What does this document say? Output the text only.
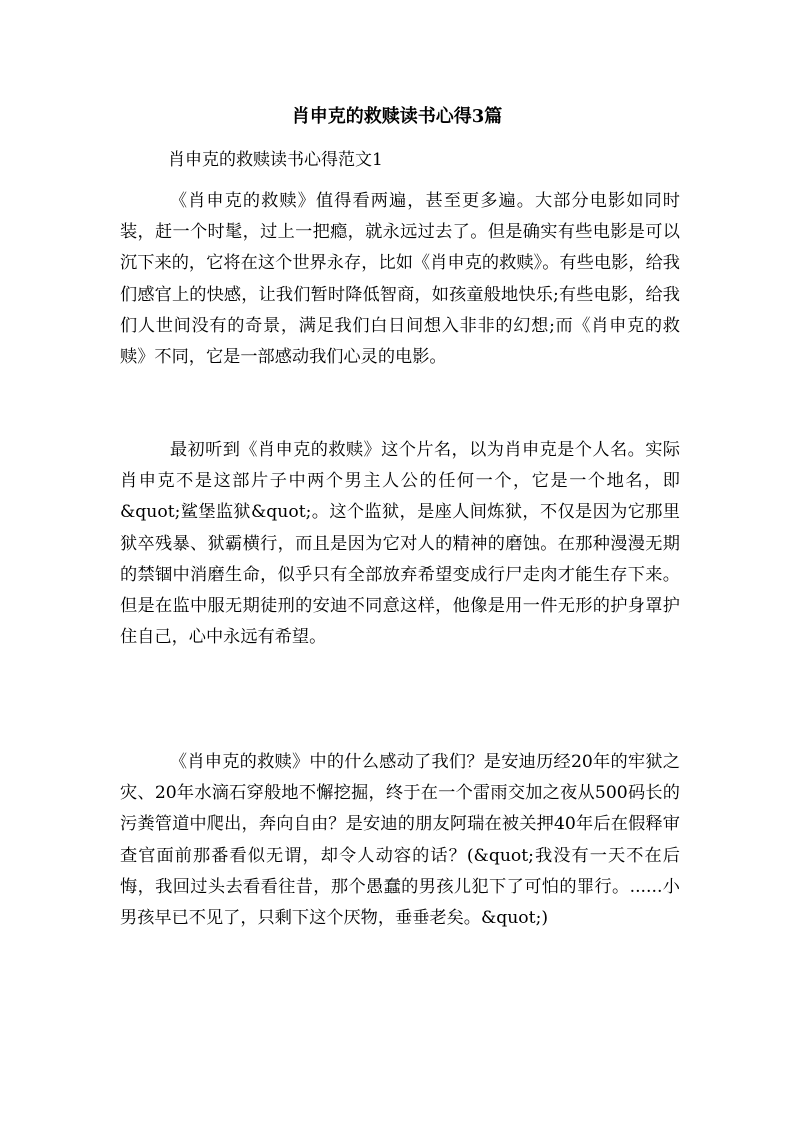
肖申克的救赎读书心得3篇

肖申克的救赎读书心得范文1

《肖申克的救赎》值得看两遍，甚至更多遍。大部分电影如同时装，赶一个时髦，过上一把瘾，就永远过去了。但是确实有些电影是可以沉下来的，它将在这个世界永存，比如《肖申克的救赎》。有些电影，给我们感官上的快感，让我们暂时降低智商，如孩童般地快乐;有些电影，给我们人世间没有的奇景，满足我们白日间想入非非的幻想;而《肖申克的救赎》不同，它是一部感动我们心灵的电影。

最初听到《肖申克的救赎》这个片名，以为肖申克是个人名。实际肖申克不是这部片子中两个男主人公的任何一个，它是一个地名，即&quot;鲨堡监狱&quot;。这个监狱，是座人间炼狱，不仅是因为它那里狱卒残暴、狱霸横行，而且是因为它对人的精神的磨蚀。在那种漫漫无期的禁锢中消磨生命，似乎只有全部放弃希望变成行尸走肉才能生存下来。但是在监中服无期徒刑的安迪不同意这样，他像是用一件无形的护身罩护住自己，心中永远有希望。

《肖申克的救赎》中的什么感动了我们？是安迪历经20年的牢狱之灾、20年水滴石穿般地不懈挖掘，终于在一个雷雨交加之夜从500码长的污粪管道中爬出，奔向自由？是安迪的朋友阿瑞在被关押40年后在假释审查官面前那番看似无谓，却令人动容的话？(&quot;我没有一天不在后悔，我回过头去看看往昔，那个愚蠢的男孩儿犯下了可怕的罪行。......小男孩早已不见了，只剩下这个厌物，垂垂老矣。&quot;)
